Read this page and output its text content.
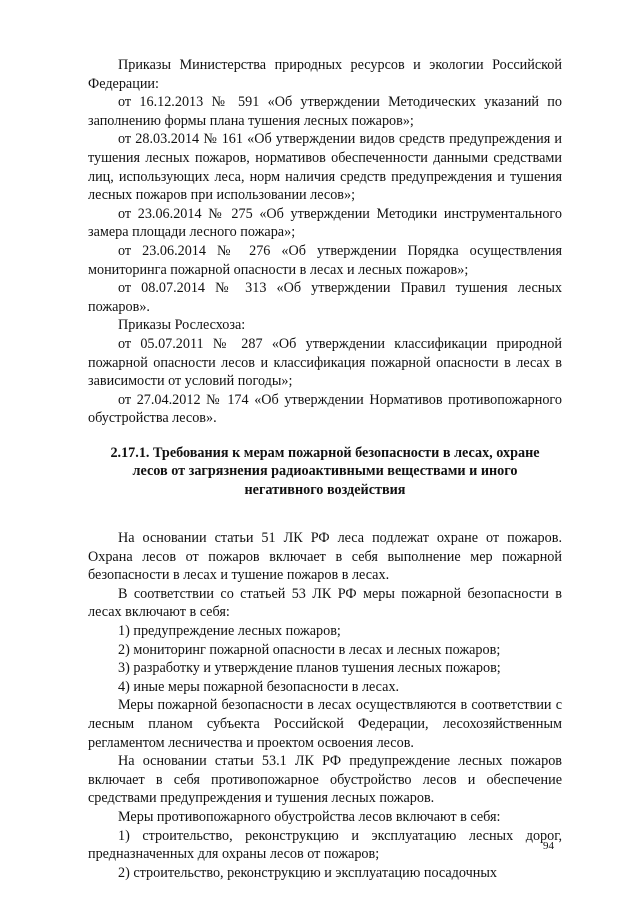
Приказы Министерства природных ресурсов и экологии Российской Федерации:

от 16.12.2013 № 591 «Об утверждении Методических указаний по заполнению формы плана тушения лесных пожаров»;

от 28.03.2014 № 161 «Об утверждении видов средств предупреждения и тушения лесных пожаров, нормативов обеспеченности данными средствами лиц, использующих леса, норм наличия средств предупреждения и тушения лесных пожаров при использовании лесов»;

от 23.06.2014 № 275 «Об утверждении Методики инструментального замера площади лесного пожара»;

от 23.06.2014 № 276 «Об утверждении Порядка осуществления мониторинга пожарной опасности в лесах и лесных пожаров»;

от 08.07.2014 № 313 «Об утверждении Правил тушения лесных пожаров».

Приказы Рослесхоза:

от 05.07.2011 № 287 «Об утверждении классификации природной пожарной опасности лесов и классификация пожарной опасности в лесах в зависимости от условий погоды»;

от 27.04.2012 № 174 «Об утверждении Нормативов противопожарного обустройства лесов».

2.17.1. Требования к мерам пожарной безопасности в лесах, охране лесов от загрязнения радиоактивными веществами и иного негативного воздействия

На основании статьи 51 ЛК РФ леса подлежат охране от пожаров. Охрана лесов от пожаров включает в себя выполнение мер пожарной безопасности в лесах и тушение пожаров в лесах.

В соответствии со статьей 53 ЛК РФ меры пожарной безопасности в лесах включают в себя:

1) предупреждение лесных пожаров;

2) мониторинг пожарной опасности в лесах и лесных пожаров;

3) разработку и утверждение планов тушения лесных пожаров;

4) иные меры пожарной безопасности в лесах.

Меры пожарной безопасности в лесах осуществляются в соответствии с лесным планом субъекта Российской Федерации, лесохозяйственным регламентом лесничества и проектом освоения лесов.

На основании статьи 53.1 ЛК РФ предупреждение лесных пожаров включает в себя противопожарное обустройство лесов и обеспечение средствами предупреждения и тушения лесных пожаров.

Меры противопожарного обустройства лесов включают в себя:

1) строительство, реконструкцию и эксплуатацию лесных дорог, предназначенных для охраны лесов от пожаров;

2) строительство, реконструкцию и эксплуатацию посадочных

94
